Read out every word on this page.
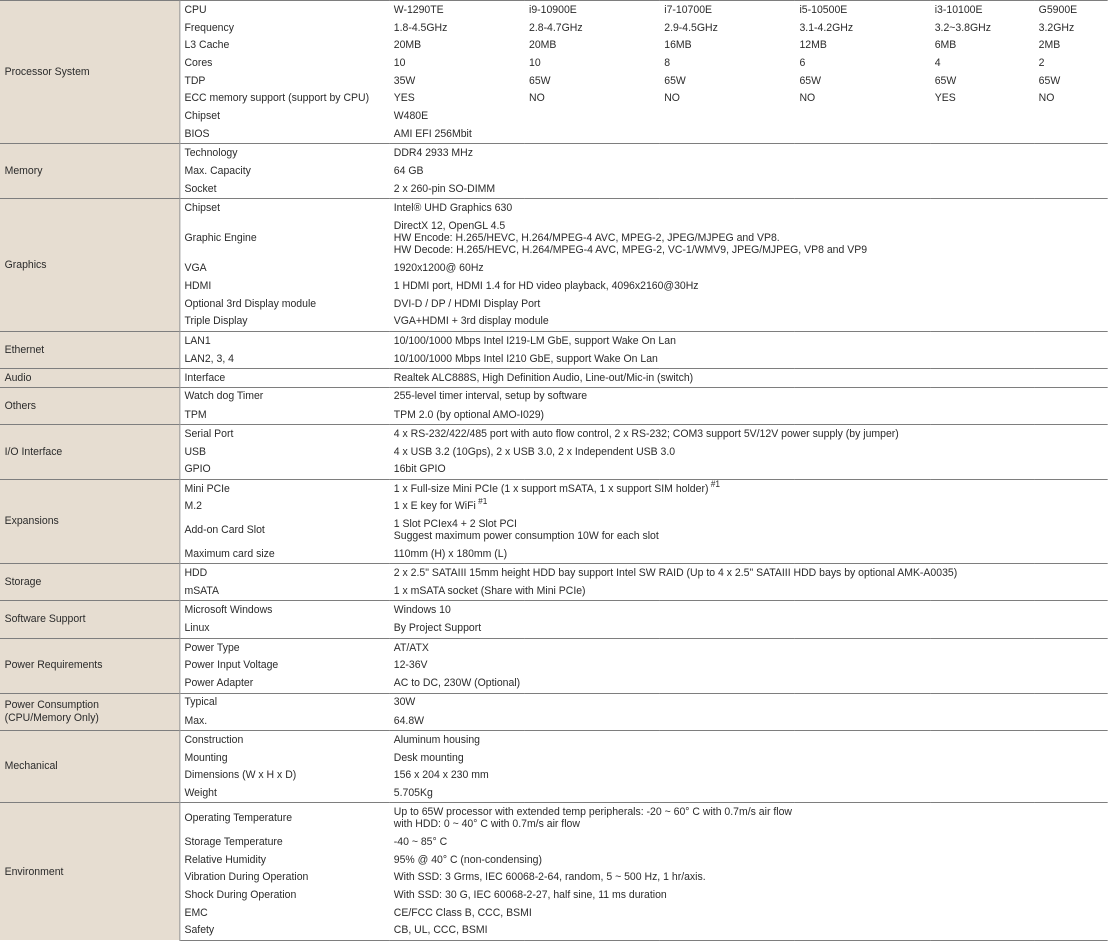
Processor System	CPU	W-1290TE	i9-10900E	i7-10700E	i5-10500E	i3-10100E	G5900E	
	Frequency	1.8-4.5GHz	2.8-4.7GHz	2.9-4.5GHz	3.1-4.2GHz	3.2~3.8GHz	3.2GHz	
	L3 Cache	20MB	20MB	16MB	12MB	6MB	2MB	
	Cores	10	10	8	6	4	2	
	TDP	35W	65W	65W	65W	65W	65W	
	ECC memory support (support by CPU)	YES	NO	NO	NO	YES	NO	
	Chipset	W480E						
	BIOS	AMI EFI 256Mbit						

Memory	Technology	DDR4 2933 MHz						
	Max. Capacity	64 GB						
	Socket	2 x 260-pin SO-DIMM						

Graphics	Chipset	Intel® UHD Graphics 630						
	Graphic Engine	DirectX 12, OpenGL 4.5
HW Encode: H.265/HEVC, H.264/MPEG-4 AVC, MPEG-2, JPEG/MJPEG and VP8.
HW Decode: H.265/HEVC, H.264/MPEG-4 AVC, MPEG-2, VC-1/WMV9, JPEG/MJPEG, VP8 and VP9						

	VGA	1920x1200@ 60Hz						
	HDMI	1 HDMI port, HDMI 1.4 for HD video playback, 4096x2160@30Hz						
	Optional 3rd Display module	DVI-D / DP / HDMI Display Port						
	Triple Display	VGA+HDMI + 3rd display module						

Ethernet	LAN1	10/100/1000 Mbps Intel I219-LM GbE, support Wake On Lan						
	LAN2, 3, 4	10/100/1000 Mbps Intel I210 GbE, support Wake On Lan						

Audio	Interface	Realtek ALC888S, High Definition Audio, Line-out/Mic-in (switch)						

Others	Watch dog Timer	255-level timer interval, setup by software						
	TPM	TPM 2.0 (by optional AMO-I029)						

I/O Interface	Serial Port	4 x RS-232/422/485 port with auto flow control, 2 x RS-232; COM3 support 5V/12V power supply (by jumper)						
	USB	4 x USB 3.2 (10Gps), 2 x USB 3.0, 2 x Independent USB 3.0						
	GPIO	16bit GPIO						

Expansions	Mini PCIe	1 x Full-size Mini PCIe (1 x support mSATA, 1 x support SIM holder) $^{\#1}$
	M.2	1 x E key for WiFi $^{\#1}$
	Add-on Card Slot	1 Slot PCIex4 + 2 Slot PCI
Suggest maximum power consumption 10W for each slot						

	Maximum card size	110mm (H) x 180mm (L)						

Storage	HDD	2 x 2.5" SATAIII 15mm height HDD bay support Intel SW RAID (Up to 4 x 2.5" SATAIII HDD bays by optional AMK-A0035)						
	mSATA	1 x mSATA socket (Share with Mini PCIe)						

Software Support	Microsoft Windows	Windows 10						
	Linux	By Project Support						

Power Requirements	Power Type	AT/ATX						
	Power Input Voltage	12-36V						
	Power Adapter	AC to DC, 230W (Optional)						

Power Consumption
(CPU/Memory Only)	Typical	30W						
	Max.	64.8W						

Mechanical	Construction	Aluminum housing						
	Mounting	Desk mounting						
	Dimensions (W x H x D)	156 x 204 x 230 mm						
	Weight	5.705Kg						

Environment	Operating Temperature	Up to 65W processor with extended temp peripherals: -20 ~ 60° C with 0.7m/s air flow
with HDD: 0 ~ 40° C with 0.7m/s air flow						

	Storage Temperature	-40 ~ 85° C						
	Relative Humidity	95% @ 40° C (non-condensing)						
	Vibration During Operation	With SSD: 3 Grms, IEC 60068-2-64, random, 5 ~ 500 Hz, 1 hr/axis.						
	Shock During Operation	With SSD: 30 G, IEC 60068-2-27, half sine, 11 ms duration						
	EMC	CE/FCC Class B, CCC, BSMI						
	Safety	CB, UL, CCC, BSMI						
